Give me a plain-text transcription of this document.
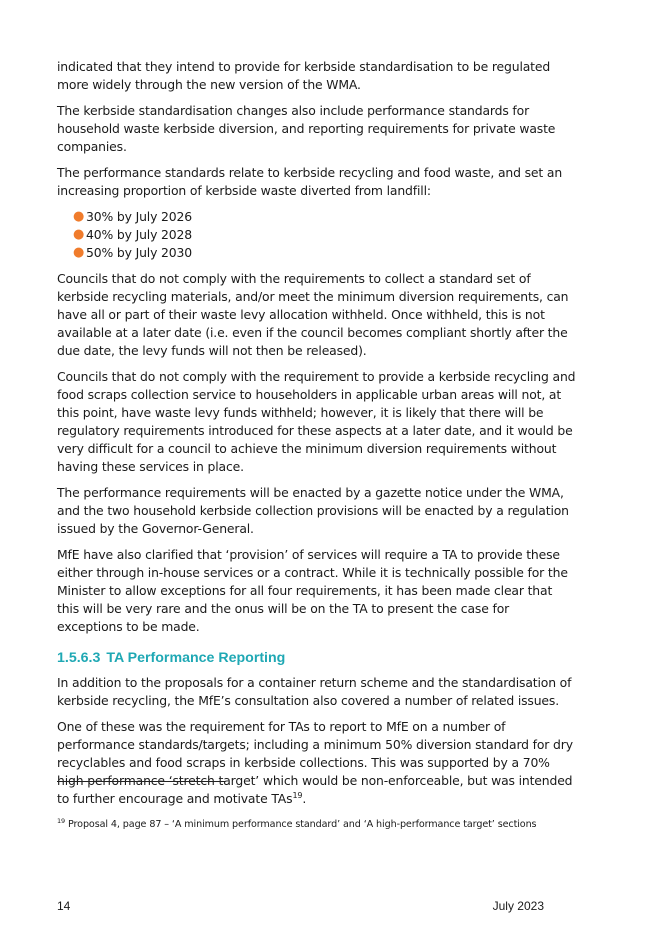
indicated that they intend to provide for kerbside standardisation to be regulated more widely through the new version of the WMA.

The kerbside standardisation changes also include performance standards for household waste kerbside diversion, and reporting requirements for private waste companies.

The performance standards relate to kerbside recycling and food waste, and set an increasing proportion of kerbside waste diverted from landfill:

● 30% by July 2026
● 40% by July 2028
● 50% by July 2030

Councils that do not comply with the requirements to collect a standard set of kerbside recycling materials, and/or meet the minimum diversion requirements, can have all or part of their waste levy allocation withheld. Once withheld, this is not available at a later date (i.e. even if the council becomes compliant shortly after the due date, the levy funds will not then be released).

Councils that do not comply with the requirement to provide a kerbside recycling and food scraps collection service to householders in applicable urban areas will not, at this point, have waste levy funds withheld; however, it is likely that there will be regulatory requirements introduced for these aspects at a later date, and it would be very difficult for a council to achieve the minimum diversion requirements without having these services in place.

The performance requirements will be enacted by a gazette notice under the WMA, and the two household kerbside collection provisions will be enacted by a regulation issued by the Governor-General.

MfE have also clarified that ‘provision’ of services will require a TA to provide these either through in-house services or a contract. While it is technically possible for the Minister to allow exceptions for all four requirements, it has been made clear that this will be very rare and the onus will be on the TA to present the case for exceptions to be made.

1.5.6.3 TA Performance Reporting

In addition to the proposals for a container return scheme and the standardisation of kerbside recycling, the MfE’s consultation also covered a number of related issues.

One of these was the requirement for TAs to report to MfE on a number of performance standards/targets; including a minimum 50% diversion standard for dry recyclables and food scraps in kerbside collections. This was supported by a 70% high performance ‘stretch target’ which would be non-enforceable, but was intended to further encourage and motivate TAs$^{19}$.

$^{19}$ Proposal 4, page 87 – ‘A minimum performance standard’ and ‘A high-performance target’ sections
14	July 2023
